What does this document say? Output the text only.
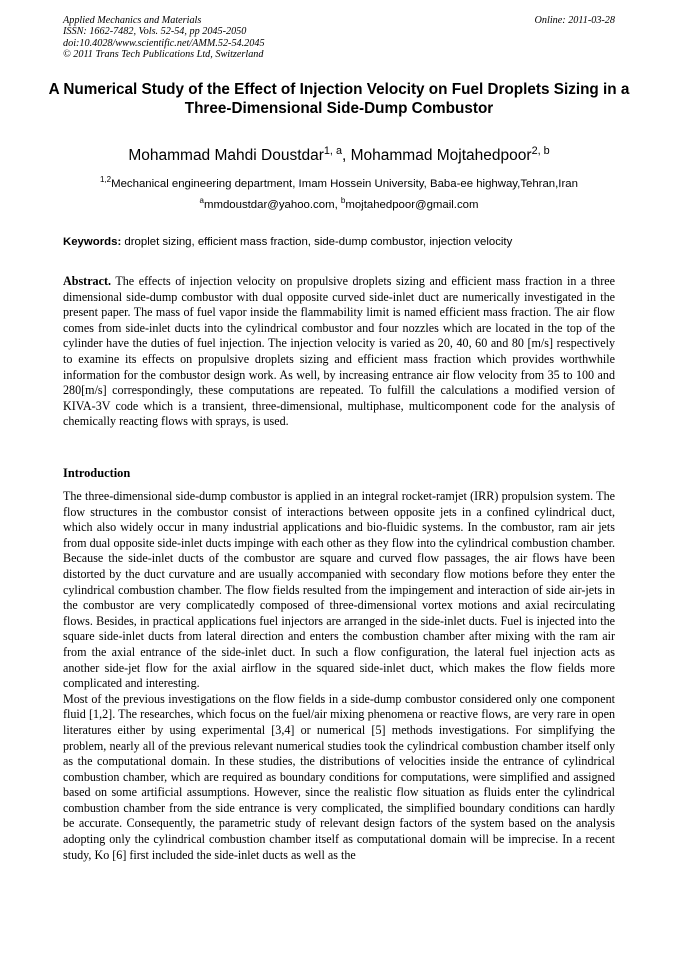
Applied Mechanics and Materials
ISSN: 1662-7482, Vols. 52-54, pp 2045-2050
doi:10.4028/www.scientific.net/AMM.52-54.2045
© 2011 Trans Tech Publications Ltd, Switzerland
Online: 2011-03-28
A Numerical Study of the Effect of Injection Velocity on Fuel Droplets Sizing in a Three-Dimensional Side-Dump Combustor
Mohammad Mahdi Doustdar$^{1, a}$, Mohammad Mojtahedpoor$^{2, b}$
$^{1,2}$Mechanical engineering department, Imam Hossein University, Baba-ee highway,Tehran,Iran
$^a$mmdoustdar@yahoo.com, $^b$mojtahedpoor@gmail.com
Keywords: droplet sizing, efficient mass fraction, side-dump combustor, injection velocity
Abstract. The effects of injection velocity on propulsive droplets sizing and efficient mass fraction in a three dimensional side-dump combustor with dual opposite curved side-inlet duct are numerically investigated in the present paper. The mass of fuel vapor inside the flammability limit is named efficient mass fraction. The air flow comes from side-inlet ducts into the cylindrical combustor and four nozzles which are located in the top of the cylinder have the duties of fuel injection. The injection velocity is varied as 20, 40, 60 and 80 [m/s] respectively to examine its effects on propulsive droplets sizing and efficient mass fraction which provides worthwhile information for the combustor design work. As well, by increasing entrance air flow velocity from 35 to 100 and 280[m/s] correspondingly, these computations are repeated. To fulfill the calculations a modified version of KIVA-3V code which is a transient, three-dimensional, multiphase, multicomponent code for the analysis of chemically reacting flows with sprays, is used.
Introduction

The three-dimensional side-dump combustor is applied in an integral rocket-ramjet (IRR) propulsion system. The flow structures in the combustor consist of interactions between opposite jets in a confined cylindrical duct, which also widely occur in many industrial applications and bio-fluidic systems. In the combustor, ram air jets from dual opposite side-inlet ducts impinge with each other as they flow into the cylindrical combustion chamber. Because the side-inlet ducts of the combustor are square and curved flow passages, the air flows have been distorted by the duct curvature and are usually accompanied with secondary flow motions before they enter the cylindrical combustion chamber. The flow fields resulted from the impingement and interaction of side air-jets in the combustor are very complicatedly composed of three-dimensional vortex motions and axial recirculating flows. Besides, in practical applications fuel injectors are arranged in the side-inlet ducts. Fuel is injected into the square side-inlet ducts from lateral direction and enters the combustion chamber after mixing with the ram air from the axial entrance of the side-inlet duct. In such a flow configuration, the lateral fuel injection acts as another side-jet flow for the axial airflow in the squared side-inlet duct, which makes the flow fields more complicated and interesting.

Most of the previous investigations on the flow fields in a side-dump combustor considered only one component fluid [1,2]. The researches, which focus on the fuel/air mixing phenomena or reactive flows, are very rare in open literatures either by using experimental [3,4] or numerical [5] methods investigations. For simplifying the problem, nearly all of the previous relevant numerical studies took the cylindrical combustion chamber itself only as the computational domain. In these studies, the distributions of velocities inside the entrance of cylindrical combustion chamber, which are required as boundary conditions for computations, were simplified and assigned based on some artificial assumptions. However, since the realistic flow situation as fluids enter the cylindrical combustion chamber from the side entrance is very complicated, the simplified boundary conditions can hardly be accurate. Consequently, the parametric study of relevant design factors of the system based on the analysis adopting only the cylindrical combustion chamber itself as computational domain will be imprecise. In a recent study, Ko [6] first included the side-inlet ducts as well as the
